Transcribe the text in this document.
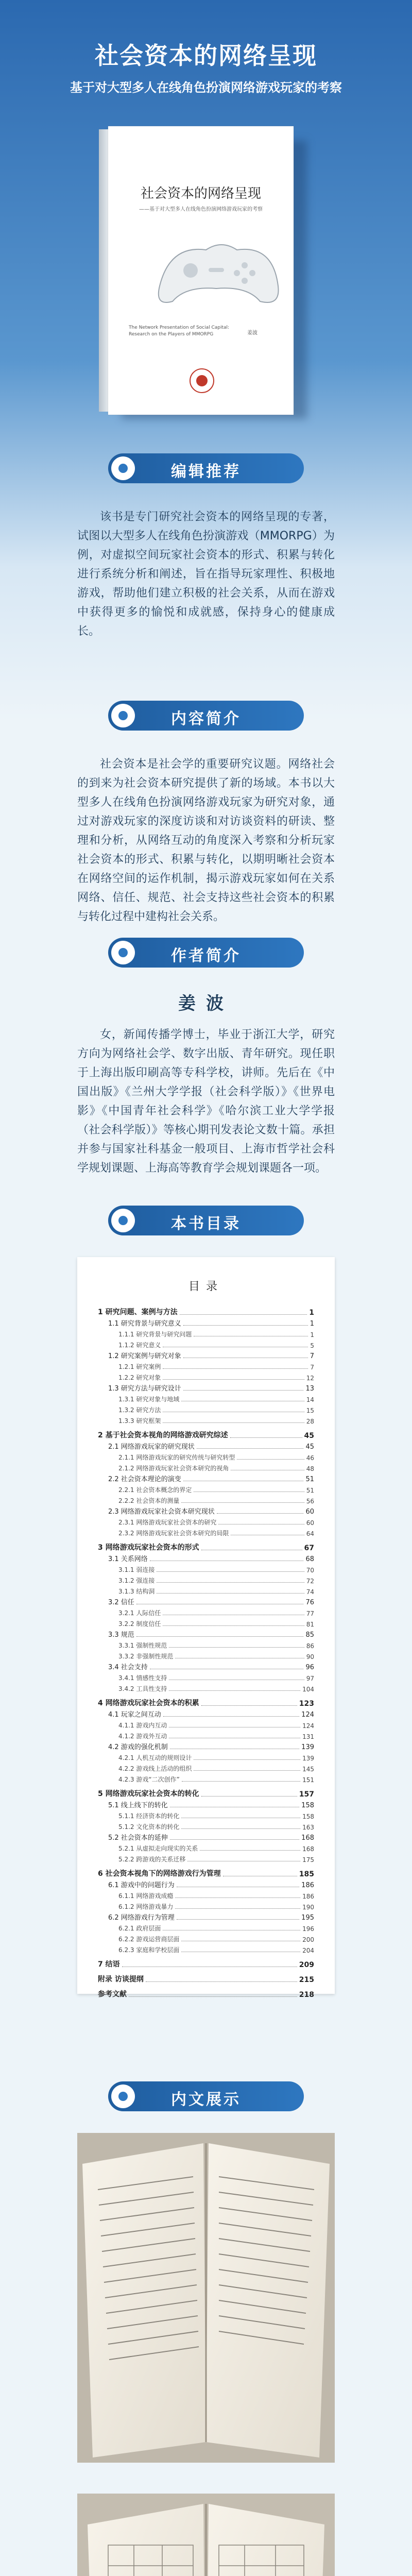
社会资本的网络呈现
基于对大型多人在线角色扮演网络游戏玩家的考察
社会资本的网络呈现
——基于对大型多人在线角色扮演网络游戏玩家的考察
The Network Presentation of Social Capital: Research on the Players of MMORPG	姜波
编辑推荐
该书是专门研究社会资本的网络呈现的专著，试图以大型多人在线角色扮演游戏（MMORPG）为例，对虚拟空间玩家社会资本的形式、积累与转化进行系统分析和阐述，旨在指导玩家理性、积极地游戏，帮助他们建立积极的社会关系，从而在游戏中获得更多的愉悦和成就感，保持身心的健康成长。
内容简介
社会资本是社会学的重要研究议题。网络社会的到来为社会资本研究提供了新的场域。本书以大型多人在线角色扮演网络游戏玩家为研究对象，通过对游戏玩家的深度访谈和对访谈资料的研读、整理和分析，从网络互动的角度深入考察和分析玩家社会资本的形式、积累与转化，以期明晰社会资本在网络空间的运作机制，揭示游戏玩家如何在关系网络、信任、规范、社会支持这些社会资本的积累与转化过程中建构社会关系。
作者简介
姜波
女，新闻传播学博士，毕业于浙江大学，研究方向为网络社会学、数字出版、青年研究。现任职于上海出版印刷高等专科学校，讲师。先后在《中国出版》《兰州大学学报（社会科学版）》《世界电影》《中国青年社会科学》《哈尔滨工业大学学报（社会科学版）》等核心期刊发表论文数十篇。承担并参与国家社科基金一般项目、上海市哲学社会科学规划课题、上海高等教育学会规划课题各一项。
本书目录
目录
1 研究问题、案例与方法	1
1.1 研究背景与研究意义	1
1.1.1 研究背景与研究问题	1
1.1.2 研究意义	5
1.2 研究案例与研究对象	7
1.2.1 研究案例	7
1.2.2 研究对象	12
1.3 研究方法与研究设计	13
1.3.1 研究对象与地域	14
1.3.2 研究方法	15
1.3.3 研究框架	28
2 基于社会资本视角的网络游戏研究综述	45
2.1 网络游戏玩家的研究现状	45
2.1.1 网络游戏玩家的研究传统与研究转型	46
2.1.2 网络游戏玩家社会资本研究的视角	48
2.2 社会资本理论的演变	51
2.2.1 社会资本概念的界定	51
2.2.2 社会资本的测量	56
2.3 网络游戏玩家社会资本研究现状	60
2.3.1 网络游戏玩家社会资本的研究	60
2.3.2 网络游戏玩家社会资本研究的局限	64
3 网络游戏玩家社会资本的形式	67
3.1 关系网络	68
3.1.1 弱连接	70
3.1.2 强连接	72
3.1.3 结构洞	74
3.2 信任	76
3.2.1 人际信任	77
3.2.2 制度信任	81
3.3 规范	85
3.3.1 强制性规范	86
3.3.2 非强制性规范	90
3.4 社会支持	96
3.4.1 情感性支持	97
3.4.2 工具性支持	104
4 网络游戏玩家社会资本的积累	123
4.1 玩家之间互动	124
4.1.1 游戏内互动	124
4.1.2 游戏外互动	131
4.2 游戏的强化机制	139
4.2.1 人机互动的规则设计	139
4.2.2 游戏线上活动的组织	145
4.2.3 游戏“二次创作”	151
5 网络游戏玩家社会资本的转化	157
5.1 线上线下的转化	158
5.1.1 经济资本的转化	158
5.1.2 文化资本的转化	163
5.2 社会资本的延伸	168
5.2.1 从虚拟走向现实的关系	168
5.2.2 跨游戏的关系迁移	175
6 社会资本视角下的网络游戏行为管理	185
6.1 游戏中的问题行为	186
6.1.1 网络游戏成瘾	186
6.1.2 网络游戏暴力	190
6.2 网络游戏行为管理	195
6.2.1 政府层面	196
6.2.2 游戏运营商层面	200
6.2.3 家庭和学校层面	204
7 结语	209
附录 访谈提纲	215
参考文献	218
内文展示
